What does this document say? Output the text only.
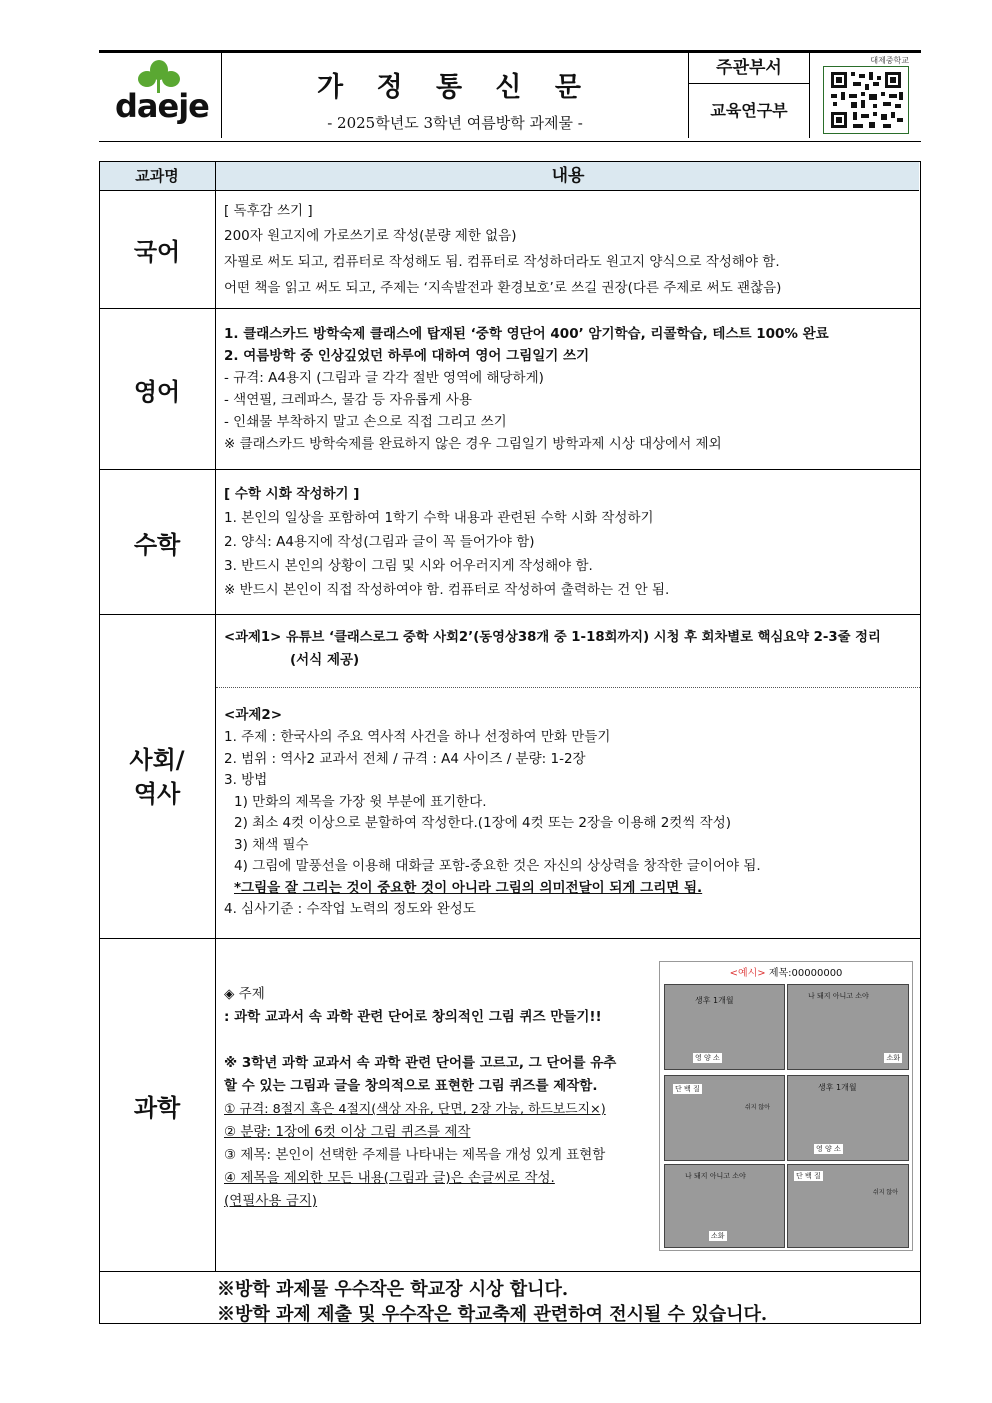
daeje	가 정 통 신 문
- 2025학년도 3학년 여름방학 과제물 -
주관부서
교육연구부
대제중학교
교과명	내용
국어

[ 독후감 쓰기 ]

200자 원고지에 가로쓰기로 작성(분량 제한 없음)

자필로 써도 되고, 컴퓨터로 작성해도 됨. 컴퓨터로 작성하더라도 원고지 양식으로 작성해야 함.

어떤 책을 읽고 써도 되고, 주제는 ‘지속발전과 환경보호’로 쓰길 권장(다른 주제로 써도 괜찮음)

영어

1. 클래스카드 방학숙제 클래스에 탑재된 ‘중학 영단어 400’ 암기학습, 리콜학습, 테스트 100% 완료

2. 여름방학 중 인상깊었던 하루에 대하여 영어 그림일기 쓰기

- 규격: A4용지 (그림과 글 각각 절반 영역에 해당하게)

- 색연필, 크레파스, 물감 등 자유롭게 사용

- 인쇄물 부착하지 말고 손으로 직접 그리고 쓰기

※ 클래스카드 방학숙제를 완료하지 않은 경우 그림일기 방학과제 시상 대상에서 제외

수학

[ 수학 시화 작성하기 ]

1. 본인의 일상을 포함하여 1학기 수학 내용과 관련된 수학 시화 작성하기

2. 양식: A4용지에 작성(그림과 글이 꼭 들어가야 함)

3. 반드시 본인의 상황이 그림 및 시와 어우러지게 작성해야 함.

※ 반드시 본인이 직접 작성하여야 함. 컴퓨터로 작성하여 출력하는 건 안 됨.

사회/
역사

<과제1> 유튜브 ‘클래스로그 중학 사회2’(동영상38개 중 1-18회까지) 시청 후 회차별로 핵심요약 2-3줄 정리

(서식 제공)

<과제2>

1. 주제 : 한국사의 주요 역사적 사건을 하나 선정하여 만화 만들기

2. 범위 : 역사2 교과서 전체 / 규격 : A4 사이즈 / 분량: 1-2장

3. 방법

1) 만화의 제목을 가장 윗 부분에 표기한다.

2) 최소 4컷 이상으로 분할하여 작성한다.(1장에 4컷 또는 2장을 이용해 2컷씩 작성)

3) 채색 필수

4) 그림에 말풍선을 이용해 대화글 포함-중요한 것은 자신의 상상력을 창작한 글이어야 됨.

*그림을 잘 그리는 것이 중요한 것이 아니라 그림의 의미전달이 되게 그리면 됨.

4. 심사기준 : 수작업 노력의 정도와 완성도

과학

◈ 주제

: 과학 교과서 속 과학 관련 단어로 창의적인 그림 퀴즈 만들기!!

※ 3학년 과학 교과서 속 과학 관련 단어를 고르고, 그 단어를 유추

할 수 있는 그림과 글을 창의적으로 표현한 그림 퀴즈를 제작함.

① 규격: 8절지 혹은 4절지(색상 자유, 단면, 2장 가능, 하드보드지×)

② 분량: 1장에 6컷 이상 그림 퀴즈를 제작

③ 제목: 본인이 선택한 주제를 나타내는 제목을 개성 있게 표현함

④ 제목을 제외한 모든 내용(그림과 글)은 손글씨로 작성.

(연필사용 금지)

<예시> 제목:00000000
생후 1개월
영 양 소
나 돼지 아니고 소야
소화
단 백 질
쉬지 않아
생후 1개월
영 양 소
나 돼지 아니고 소야
소화
단 백 질
쉬지 않아

※방학 과제물 우수작은 학교장 시상 합니다.

※방학 과제 제출 및 우수작은 학교축제 관련하여 전시될 수 있습니다.
